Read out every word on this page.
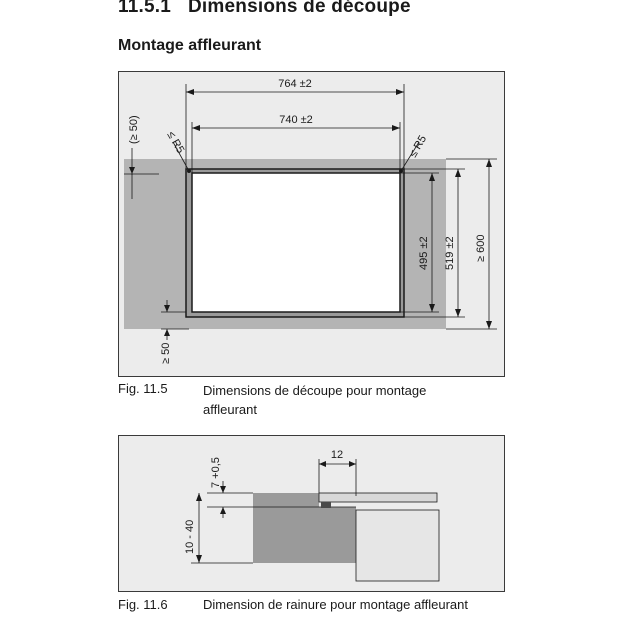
11.5.1 Dimensions de découpe
Montage affleurant
764 ±2
740 ±2
≤ R5	≤ R5
(≥ 50)
≥ 50
495 ±2 519 ±2 ≥ 600
Fig. 11.5	Dimensions de découpe pour montage affleurant
12
7 +0,5
10 - 40
Fig. 11.6	Dimension de rainure pour montage affleurant
